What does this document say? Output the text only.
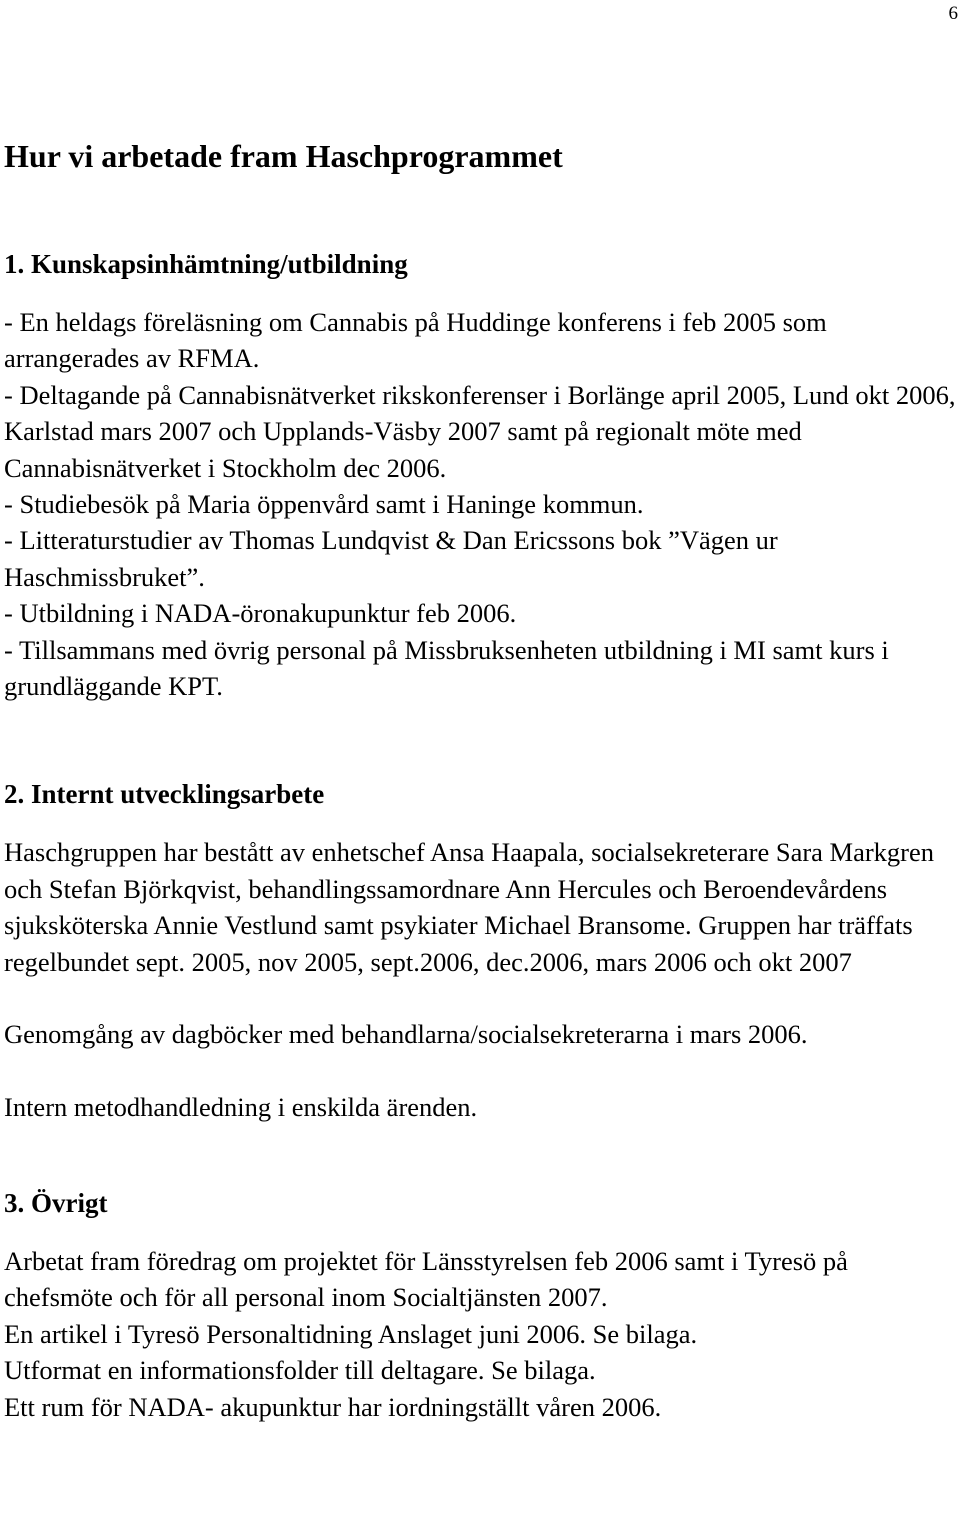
6
Hur vi arbetade fram Haschprogrammet
1. Kunskapsinhämtning/utbildning

- En heldags föreläsning om Cannabis på Huddinge konferens i feb 2005 som arrangerades av RFMA.

- Deltagande på Cannabisnätverket rikskonferenser i Borlänge april 2005, Lund okt 2006, Karlstad mars 2007 och Upplands-Väsby 2007 samt på regionalt möte med Cannabisnätverket i Stockholm dec 2006.

- Studiebesök på Maria öppenvård samt i Haninge kommun.

- Litteraturstudier av Thomas Lundqvist & Dan Ericssons bok ”Vägen ur Haschmissbruket”.

- Utbildning i NADA-öronakupunktur feb 2006.

- Tillsammans med övrig personal på Missbruksenheten utbildning i MI samt kurs i grundläggande KPT.

2. Internt utvecklingsarbete

Haschgruppen har bestått av enhetschef Ansa Haapala, socialsekreterare Sara Markgren och Stefan Björkqvist, behandlingssamordnare Ann Hercules och Beroendevårdens sjuksköterska Annie Vestlund samt psykiater Michael Bransome. Gruppen har träffats regelbundet sept. 2005, nov 2005, sept.2006, dec.2006, mars 2006 och okt 2007

Genomgång av dagböcker med behandlarna/socialsekreterarna i mars 2006.

Intern metodhandledning i enskilda ärenden.

3. Övrigt

Arbetat fram föredrag om projektet för Länsstyrelsen feb 2006 samt i Tyresö på chefsmöte och för all personal inom Socialtjänsten 2007.

En artikel i Tyresö Personaltidning Anslaget juni 2006. Se bilaga.

Utformat en informationsfolder till deltagare. Se bilaga.

Ett rum för NADA- akupunktur har iordningställt våren 2006.
